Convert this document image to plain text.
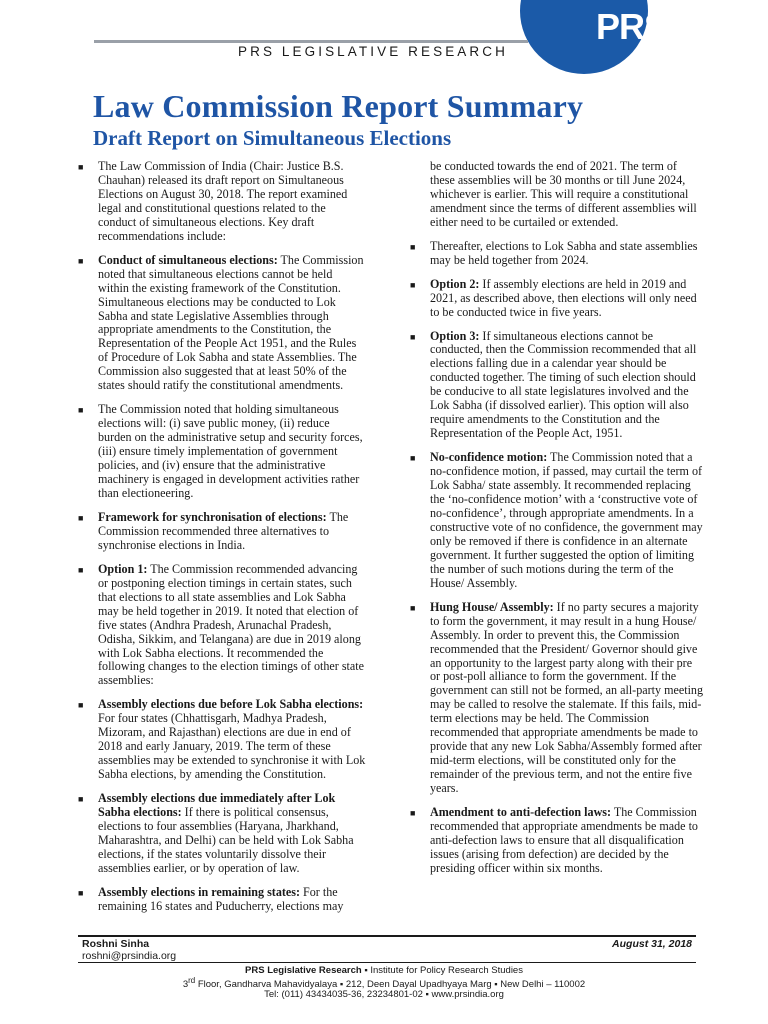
PRS
PRS LEGISLATIVE RESEARCH
Law Commission Report Summary
Draft Report on Simultaneous Elections
■ The Law Commission of India (Chair: Justice B.S. Chauhan) released its draft report on Simultaneous Elections on August 30, 2018. The report examined legal and constitutional questions related to the conduct of simultaneous elections. Key draft recommendations include:
■ Conduct of simultaneous elections: The Commission noted that simultaneous elections cannot be held within the existing framework of the Constitution. Simultaneous elections may be conducted to Lok Sabha and state Legislative Assemblies through appropriate amendments to the Constitution, the Representation of the People Act 1951, and the Rules of Procedure of Lok Sabha and state Assemblies. The Commission also suggested that at least 50% of the states should ratify the constitutional amendments.
■ The Commission noted that holding simultaneous elections will: (i) save public money, (ii) reduce burden on the administrative setup and security forces, (iii) ensure timely implementation of government policies, and (iv) ensure that the administrative machinery is engaged in development activities rather than electioneering.
■ Framework for synchronisation of elections: The Commission recommended three alternatives to synchronise elections in India.
■ Option 1: The Commission recommended advancing or postponing election timings in certain states, such that elections to all state assemblies and Lok Sabha may be held together in 2019. It noted that election of five states (Andhra Pradesh, Arunachal Pradesh, Odisha, Sikkim, and Telangana) are due in 2019 along with Lok Sabha elections. It recommended the following changes to the election timings of other state assemblies:
■ Assembly elections due before Lok Sabha elections: For four states (Chhattisgarh, Madhya Pradesh, Mizoram, and Rajasthan) elections are due in end of 2018 and early January, 2019. The term of these assemblies may be extended to synchronise it with Lok Sabha elections, by amending the Constitution.
■ Assembly elections due immediately after Lok Sabha elections: If there is political consensus, elections to four assemblies (Haryana, Jharkhand, Maharashtra, and Delhi) can be held with Lok Sabha elections, if the states voluntarily dissolve their assemblies earlier, or by operation of law.
■ Assembly elections in remaining states: For the remaining 16 states and Puducherry, elections may
be conducted towards the end of 2021. The term of these assemblies will be 30 months or till June 2024, whichever is earlier. This will require a constitutional amendment since the terms of different assemblies will either need to be curtailed or extended.
■ Thereafter, elections to Lok Sabha and state assemblies may be held together from 2024.
■ Option 2: If assembly elections are held in 2019 and 2021, as described above, then elections will only need to be conducted twice in five years.
■ Option 3: If simultaneous elections cannot be conducted, then the Commission recommended that all elections falling due in a calendar year should be conducted together. The timing of such election should be conducive to all state legislatures involved and the Lok Sabha (if dissolved earlier). This option will also require amendments to the Constitution and the Representation of the People Act, 1951.
■ No-confidence motion: The Commission noted that a no-confidence motion, if passed, may curtail the term of Lok Sabha/ state assembly. It recommended replacing the ‘no-confidence motion’ with a ‘constructive vote of no-confidence’, through appropriate amendments. In a constructive vote of no confidence, the government may only be removed if there is confidence in an alternate government. It further suggested the option of limiting the number of such motions during the term of the House/ Assembly.
■ Hung House/ Assembly: If no party secures a majority to form the government, it may result in a hung House/ Assembly. In order to prevent this, the Commission recommended that the President/ Governor should give an opportunity to the largest party along with their pre or post-poll alliance to form the government. If the government can still not be formed, an all-party meeting may be called to resolve the stalemate. If this fails, mid-term elections may be held. The Commission recommended that appropriate amendments be made to provide that any new Lok Sabha/Assembly formed after mid-term elections, will be constituted only for the remainder of the previous term, and not the entire five years.
■ Amendment to anti-defection laws: The Commission recommended that appropriate amendments be made to anti-defection laws to ensure that all disqualification issues (arising from defection) are decided by the presiding officer within six months.
Roshni Sinha
roshni@prsindia.org
August 31, 2018
PRS Legislative Research ▪ Institute for Policy Research Studies
3rd Floor, Gandharva Mahavidyalaya ▪ 212, Deen Dayal Upadhyaya Marg ▪ New Delhi – 110002
Tel: (011) 43434035-36, 23234801-02 ▪ www.prsindia.org
